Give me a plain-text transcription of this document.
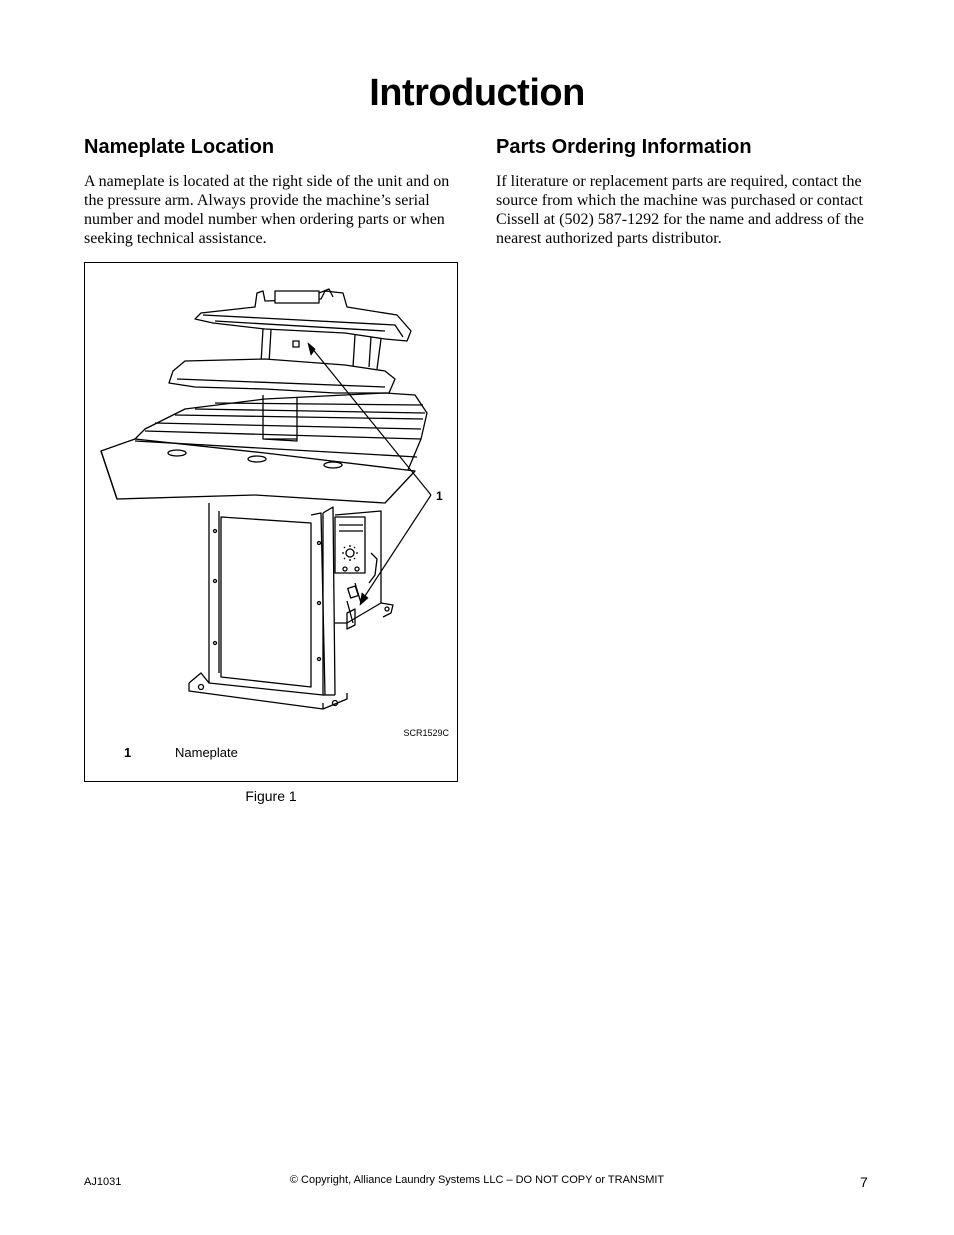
Introduction
Nameplate Location

A nameplate is located at the right side of the unit and on the pressure arm. Always provide the machine’s serial number and model number when ordering parts or when seeking technical assistance.

Parts Ordering Information

If literature or replacement parts are required, contact the source from which the machine was purchased or contact Cissell at (502) 587-1292 for the name and address of the nearest authorized parts distributor.

1
SCR1529C
1	Nameplate
Figure 1
AJ1031	© Copyright, Alliance Laundry Systems LLC – DO NOT COPY or TRANSMIT	7
